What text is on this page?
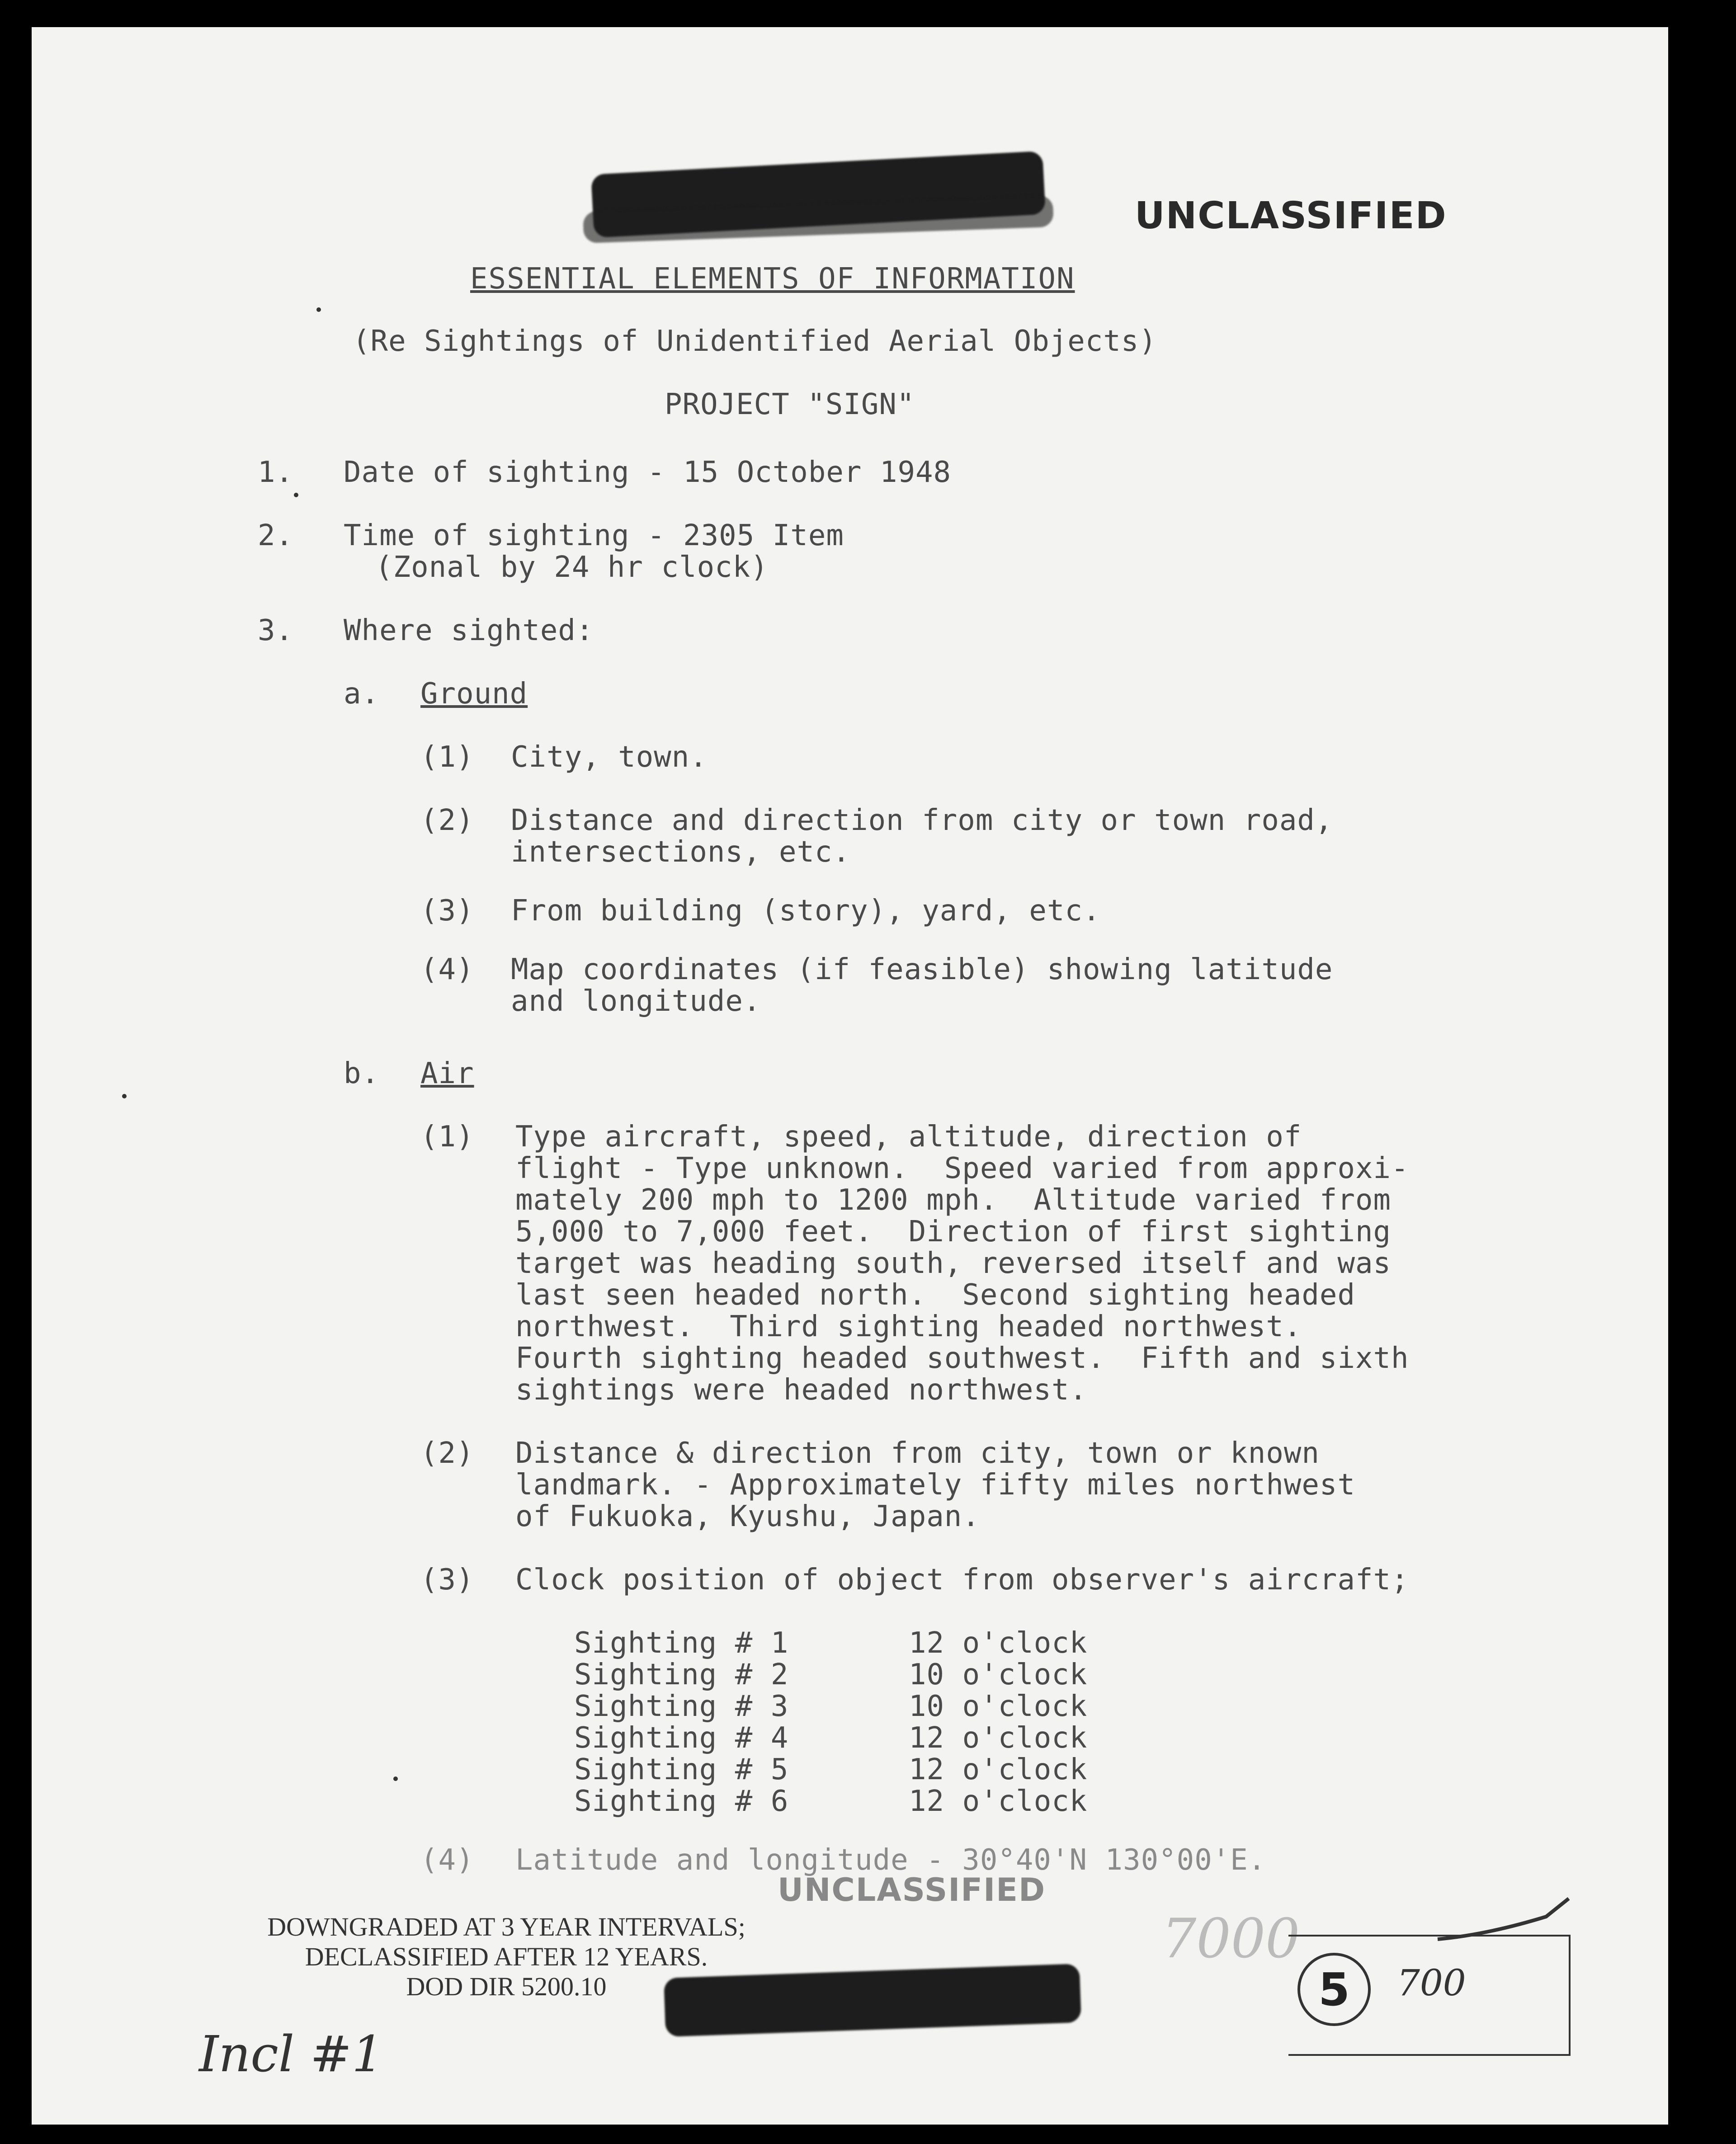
UNCLASSIFIED
ESSENTIAL ELEMENTS OF INFORMATION
(Re Sightings of Unidentified Aerial Objects)
PROJECT "SIGN"
1. Date of sighting - 15 October 1948
2. Time of sighting - 2305 Item
(Zonal by 24 hr clock)
3. Where sighted:
a. Ground
(1) City, town.
(2) Distance and direction from city or town road,
intersections, etc.
(3) From building (story), yard, etc.
(4) Map coordinates (if feasible) showing latitude
and longitude.
b. Air
(1) Type aircraft, speed, altitude, direction of
flight - Type unknown.  Speed varied from approxi-
mately 200 mph to 1200 mph.  Altitude varied from
5,000 to 7,000 feet.  Direction of first sighting
target was heading south, reversed itself and was
last seen headed north.  Second sighting headed
northwest.  Third sighting headed northwest.
Fourth sighting headed southwest.  Fifth and sixth
sightings were headed northwest.
(2) Distance & direction from city, town or known
landmark. - Approximately fifty miles northwest
of Fukuoka, Kyushu, Japan.
(3) Clock position of object from observer's aircraft;
Sighting # 1	12 o'clock
Sighting # 2	10 o'clock
Sighting # 3	10 o'clock
Sighting # 4	12 o'clock
Sighting # 5	12 o'clock
Sighting # 6	12 o'clock
(4) Latitude and longitude - 30°40'N 130°00'E.
UNCLASSIFIED
DOWNGRADED AT 3 YEAR INTERVALS;
DECLASSIFIED AFTER 12 YEARS.
DOD DIR 5200.10
Incl #1
7000
700
5
